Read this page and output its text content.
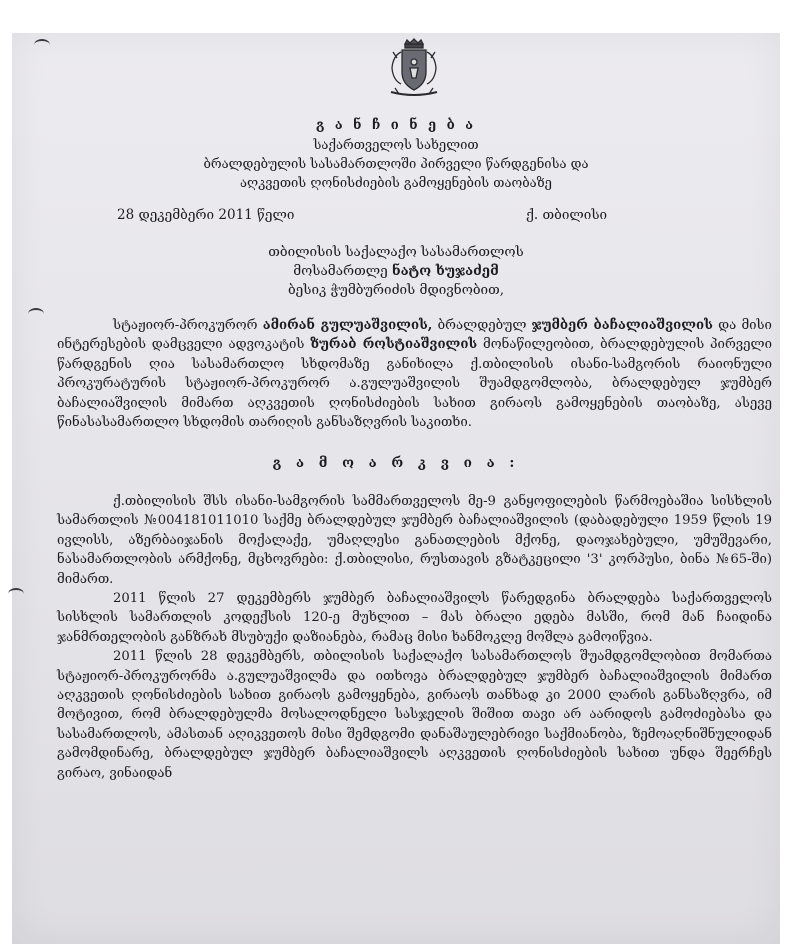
გ ა ნ ჩ ი ნ ე ბ ა
საქართველოს სახელით
ბრალდებულის სასამართლოში პირველი წარდგენისა და
აღკვეთის ღონისძიების გამოყენების თაობაზე
28 დეკემბერი 2011 წელი	ქ. თბილისი
თბილისის საქალაქო სასამართლოს
მოსამართლე ნატო ხუჯაძემ
ბესიკ ჭუმბურიძის მდივნობით,

სტაჟიორ-პროკურორ ამირან გულუაშვილის, ბრალდებულ ჯუმბერ ბაჩალიაშვილის და მისი ინტერესების დამცველი ადვოკატის ზურაბ როსტიაშვილის მონაწილეობით, ბრალდებულის პირველი წარდგენის ღია სასამართლო სხდომაზე განიხილა ქ.თბილისის ისანი-სამგორის რაიონული პროკურატურის სტაჟიორ-პროკურორ ა.გულუაშვილის შუამდგომლობა, ბრალდებულ ჯუმბერ ბაჩალიაშვილის მიმართ აღკვეთის ღონისძიების სახით გირაოს გამოყენების თაობაზე, ასევე წინასასამართლო სხდომის თარიღის განსაზღვრის საკითხი.

გ ა მ ო ა რ კ ვ ი ა :

ქ.თბილისის შსს ისანი-სამგორის სამმართველოს მე-9 განყოფილების წარმოებაშია სისხლის სამართლის №004181011010 საქმე ბრალდებულ ჯუმბერ ბაჩალიაშვილის (დაბადებული 1959 წლის 19 ივლისს, აზერბაიჯანის მოქალაქე, უმაღლესი განათლების მქონე, დაოჯახებული, უმუშევარი, ნასამართლობის არმქონე, მცხოვრები: ქ.თბილისი, რუსთავის გზატკეცილი '3' კორპუსი, ბინა №65-ში) მიმართ.

2011 წლის 27 დეკემბერს ჯუმბერ ბაჩალიაშვილს წარედგინა ბრალდება საქართველოს სისხლის სამართლის კოდექსის 120-ე მუხლით – მას ბრალი ედება მასში, რომ მან ჩაიდინა ჯანმრთელობის განზრახ მსუბუქი დაზიანება, რამაც მისი ხანმოკლე მოშლა გამოიწვია.

2011 წლის 28 დეკემბერს, თბილისის საქალაქო სასამართლოს შუამდგომლობით მომართა სტაჟიორ-პროკურორმა ა.გულუაშვილმა და ითხოვა ბრალდებულ ჯუმბერ ბაჩალიაშვილის მიმართ აღკვეთის ღონისძიების სახით გირაოს გამოყენება, გირაოს თანხად კი 2000 ლარის განსაზღვრა, იმ მოტივით, რომ ბრალდებულმა მოსალოდნელი სასჯელის შიშით თავი არ აარიდოს გამოძიებასა და სასამართლოს, ამასთან აღიკვეთოს მისი შემდგომი დანაშაულებრივი საქმიანობა, ზემოაღნიშნულიდან გამომდინარე, ბრალდებულ ჯუმბერ ბაჩალიაშვილს აღკვეთის ღონისძიების სახით უნდა შეერჩეს გირაო, ვინაიდან
